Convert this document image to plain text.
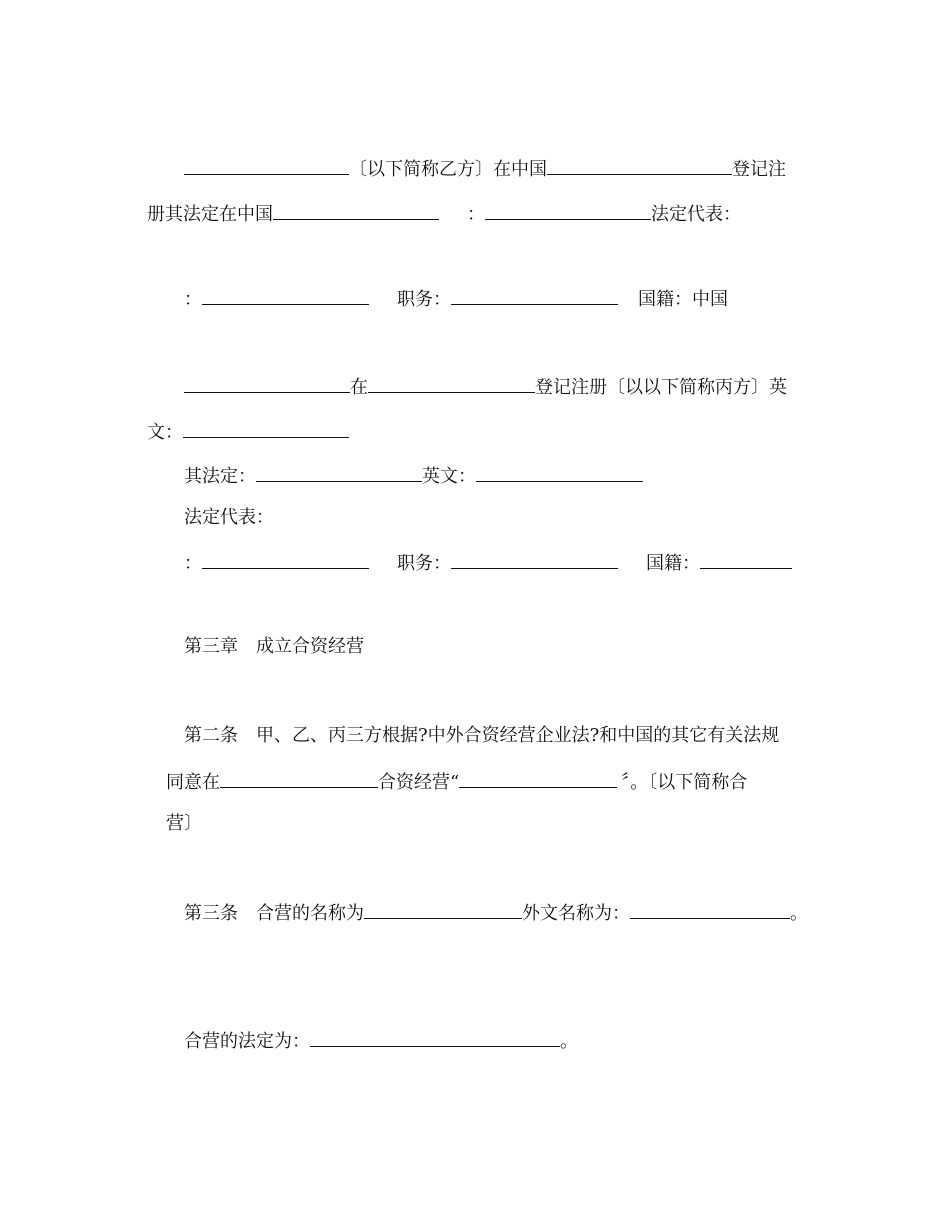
〔以下简称乙方〕在中国	登记注
册其法定在中国	：	法定代表：
：	职务：	国籍：中国
在	登记注册〔以以下简称丙方〕英
文：
其法定：	英文：
法定代表：
：	职务：	国籍：
第三章　成立合资经营
第二条　甲、乙、丙三方根据?中外合资经营企业法?和中国的其它有关法规
同意在	合资经营“	〞。〔以下简称合
营〕
第三条　合营的名称为	外文名称为：	。
合营的法定为：	。
